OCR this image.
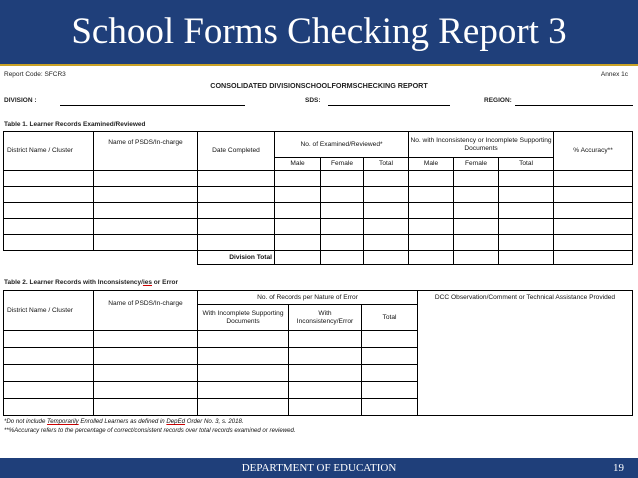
School Forms Checking Report 3
Report Code: SFCR3	Annex 1c
CONSOLIDATED DIVISIONSCHOOLFORMSCHECKING REPORT
DIVISION :	SDS:	REGION:
Table 1. Learner Records Examined/Reviewed
District Name / Cluster	Name of PSDS/In-charge	Date Completed	No. of Examined/Reviewed*			No. with Inconsistency or Incomplete Supporting Documents			% Accuracy**
			Male	Female	Total	Male	Female	Total	

		Division Total							
Table 2. Learner Records with Inconsistency/ies or Error
District Name / Cluster	Name of PSDS/In-charge	No. of Records per Nature of Error			DCC Observation/Comment or Technical Assistance Provided
		With Incomplete Supporting Documents	With Inconsistency/Error	Total	

*Do not include Temporarily Enrolled Learners as defined in DepEd Order No. 3, s. 2018.
**%Accuracy refers to the percentage of correct/consistent records over total records examined or reviewed.
DEPARTMENT OF EDUCATION	19
